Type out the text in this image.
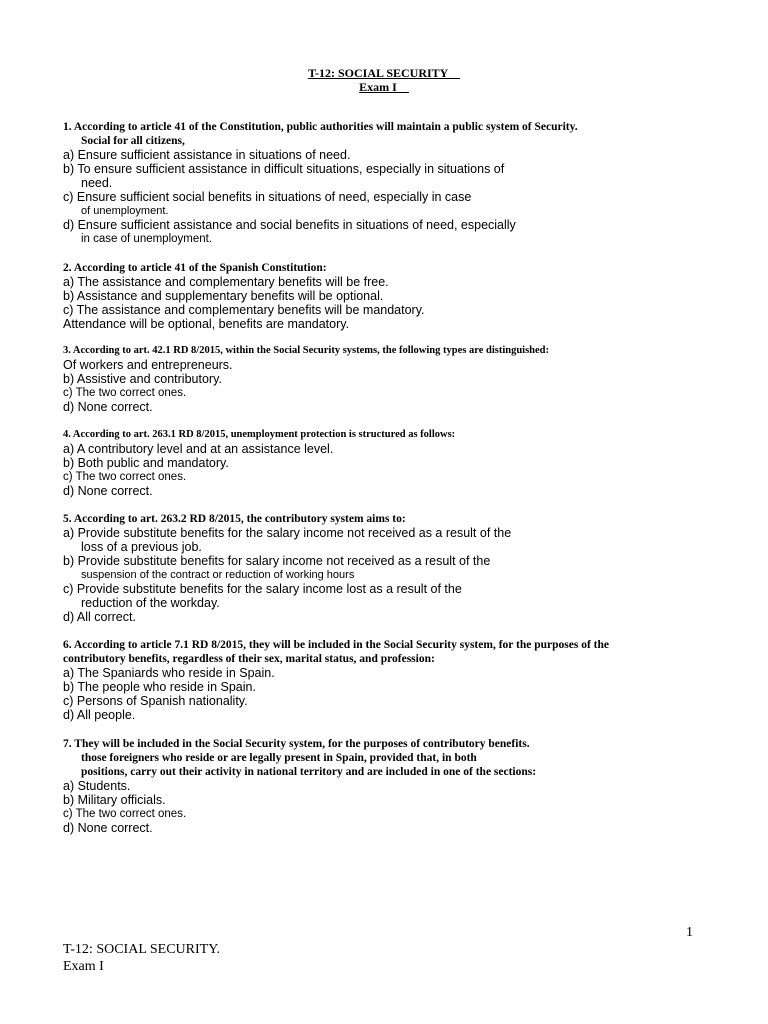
T-12: SOCIAL SECURITY
Exam I
1. According to article 41 of the Constitution, public authorities will maintain a public system of Security.
Social for all citizens,
a) Ensure sufficient assistance in situations of need.
b) To ensure sufficient assistance in difficult situations, especially in situations of
need.
c) Ensure sufficient social benefits in situations of need, especially in case
of unemployment.
d) Ensure sufficient assistance and social benefits in situations of need, especially
in case of unemployment.
2. According to article 41 of the Spanish Constitution:
a) The assistance and complementary benefits will be free.
b) Assistance and supplementary benefits will be optional.
c) The assistance and complementary benefits will be mandatory.
Attendance will be optional, benefits are mandatory.
3. According to art. 42.1 RD 8/2015, within the Social Security systems, the following types are distinguished:
Of workers and entrepreneurs.
b) Assistive and contributory.
c) The two correct ones.
d) None correct.
4. According to art. 263.1 RD 8/2015, unemployment protection is structured as follows:
a) A contributory level and at an assistance level.
b) Both public and mandatory.
c) The two correct ones.
d) None correct.
5. According to art. 263.2 RD 8/2015, the contributory system aims to:
a) Provide substitute benefits for the salary income not received as a result of the
loss of a previous job.
b) Provide substitute benefits for salary income not received as a result of the
suspension of the contract or reduction of working hours
c) Provide substitute benefits for the salary income lost as a result of the
reduction of the workday.
d) All correct.
6. According to article 7.1 RD 8/2015, they will be included in the Social Security system, for the purposes of the
contributory benefits, regardless of their sex, marital status, and profession:
a) The Spaniards who reside in Spain.
b) The people who reside in Spain.
c) Persons of Spanish nationality.
d) All people.
7. They will be included in the Social Security system, for the purposes of contributory benefits.
those foreigners who reside or are legally present in Spain, provided that, in both
positions, carry out their activity in national territory and are included in one of the sections:
a) Students.
b) Military officials.
c) The two correct ones.
d) None correct.
1
T-12: SOCIAL SECURITY.
Exam I
